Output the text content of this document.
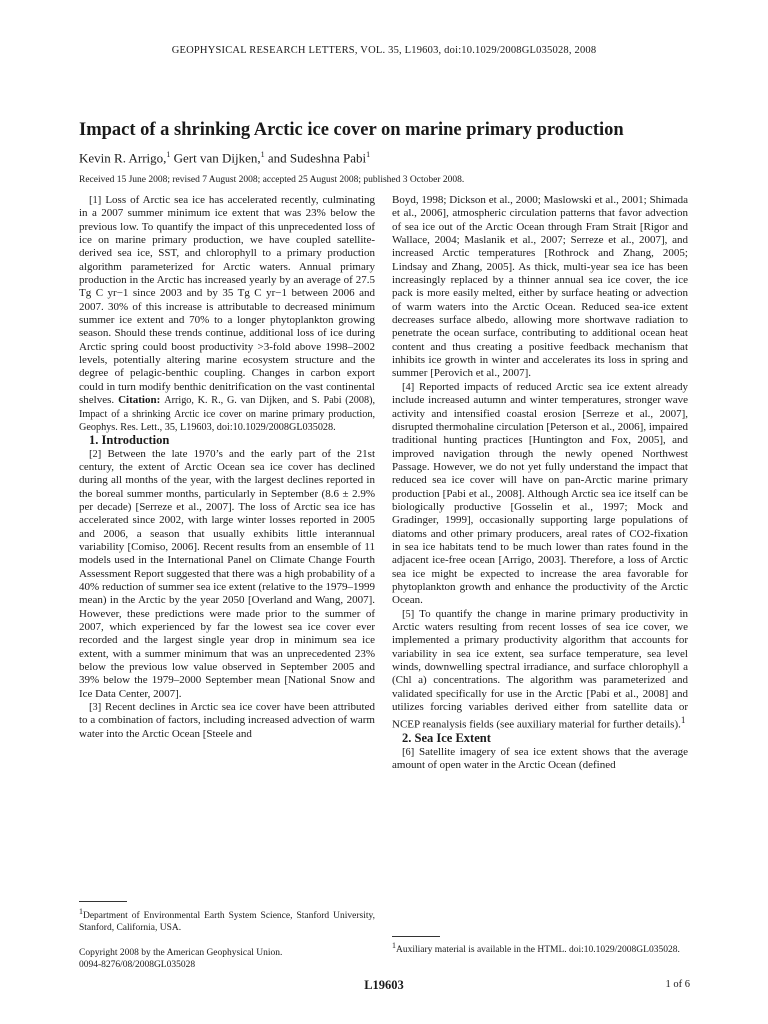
GEOPHYSICAL RESEARCH LETTERS, VOL. 35, L19603, doi:10.1029/2008GL035028, 2008
Impact of a shrinking Arctic ice cover on marine primary production
Kevin R. Arrigo,$^1$ Gert van Dijken,$^1$ and Sudeshna Pabi$^1$
Received 15 June 2008; revised 7 August 2008; accepted 25 August 2008; published 3 October 2008.

[1] Loss of Arctic sea ice has accelerated recently, culminating in a 2007 summer minimum ice extent that was 23% below the previous low. To quantify the impact of this unprecedented loss of ice on marine primary production, we have coupled satellite-derived sea ice, SST, and chlorophyll to a primary production algorithm parameterized for Arctic waters. Annual primary production in the Arctic has increased yearly by an average of 27.5 Tg C yr−1 since 2003 and by 35 Tg C yr−1 between 2006 and 2007. 30% of this increase is attributable to decreased minimum summer ice extent and 70% to a longer phytoplankton growing season. Should these trends continue, additional loss of ice during Arctic spring could boost productivity >3-fold above 1998–2002 levels, potentially altering marine ecosystem structure and the degree of pelagic-benthic coupling. Changes in carbon export could in turn modify benthic denitrification on the vast continental shelves. Citation: Arrigo, K. R., G. van Dijken, and S. Pabi (2008), Impact of a shrinking Arctic ice cover on marine primary production, Geophys. Res. Lett., 35, L19603, doi:10.1029/2008GL035028.

1. Introduction

[2] Between the late 1970’s and the early part of the 21st century, the extent of Arctic Ocean sea ice cover has declined during all months of the year, with the largest declines reported in the boreal summer months, particularly in September (8.6 ± 2.9% per decade) [Serreze et al., 2007]. The loss of Arctic sea ice has accelerated since 2002, with large winter losses reported in 2005 and 2006, a season that usually exhibits little interannual variability [Comiso, 2006]. Recent results from an ensemble of 11 models used in the International Panel on Climate Change Fourth Assessment Report suggested that there was a high probability of a 40% reduction of summer sea ice extent (relative to the 1979–1999 mean) in the Arctic by the year 2050 [Overland and Wang, 2007]. However, these predictions were made prior to the summer of 2007, which experienced by far the lowest sea ice cover ever recorded and the largest single year drop in minimum sea ice extent, with a summer minimum that was an unprecedented 23% below the previous low value observed in September 2005 and 39% below the 1979–2000 September mean [National Snow and Ice Data Center, 2007].

[3] Recent declines in Arctic sea ice cover have been attributed to a combination of factors, including increased advection of warm water into the Arctic Ocean [Steele and

Boyd, 1998; Dickson et al., 2000; Maslowski et al., 2001; Shimada et al., 2006], atmospheric circulation patterns that favor advection of sea ice out of the Arctic Ocean through Fram Strait [Rigor and Wallace, 2004; Maslanik et al., 2007; Serreze et al., 2007], and increased Arctic temperatures [Rothrock and Zhang, 2005; Lindsay and Zhang, 2005]. As thick, multi-year sea ice has been increasingly replaced by a thinner annual sea ice cover, the ice pack is more easily melted, either by surface heating or advection of warm waters into the Arctic Ocean. Reduced sea-ice extent decreases surface albedo, allowing more shortwave radiation to penetrate the ocean surface, contributing to additional ocean heat content and thus creating a positive feedback mechanism that inhibits ice growth in winter and accelerates its loss in spring and summer [Perovich et al., 2007].

[4] Reported impacts of reduced Arctic sea ice extent already include increased autumn and winter temperatures, stronger wave activity and intensified coastal erosion [Serreze et al., 2007], disrupted thermohaline circulation [Peterson et al., 2006], impaired traditional hunting practices [Huntington and Fox, 2005], and improved navigation through the newly opened Northwest Passage. However, we do not yet fully understand the impact that reduced sea ice cover will have on pan-Arctic marine primary production [Pabi et al., 2008]. Although Arctic sea ice itself can be biologically productive [Gosselin et al., 1997; Mock and Gradinger, 1999], occasionally supporting large populations of diatoms and other primary producers, areal rates of CO2-fixation in sea ice habitats tend to be much lower than rates found in the adjacent ice-free ocean [Arrigo, 2003]. Therefore, a loss of Arctic sea ice might be expected to increase the area favorable for phytoplankton growth and enhance the productivity of the Arctic Ocean.

[5] To quantify the change in marine primary productivity in Arctic waters resulting from recent losses of sea ice cover, we implemented a primary productivity algorithm that accounts for variability in sea ice extent, sea surface temperature, sea level winds, downwelling spectral irradiance, and surface chlorophyll a (Chl a) concentrations. The algorithm was parameterized and validated specifically for use in the Arctic [Pabi et al., 2008] and utilizes forcing variables derived either from satellite data or NCEP reanalysis fields (see auxiliary material for further details).$^1$

2. Sea Ice Extent

[6] Satellite imagery of sea ice extent shows that the average amount of open water in the Arctic Ocean (defined

$^1$Department of Environmental Earth System Science, Stanford University, Stanford, California, USA.
$^1$Auxiliary material is available in the HTML. doi:10.1029/2008GL035028.
Copyright 2008 by the American Geophysical Union.
0094-8276/08/2008GL035028
L19603	1 of 6
